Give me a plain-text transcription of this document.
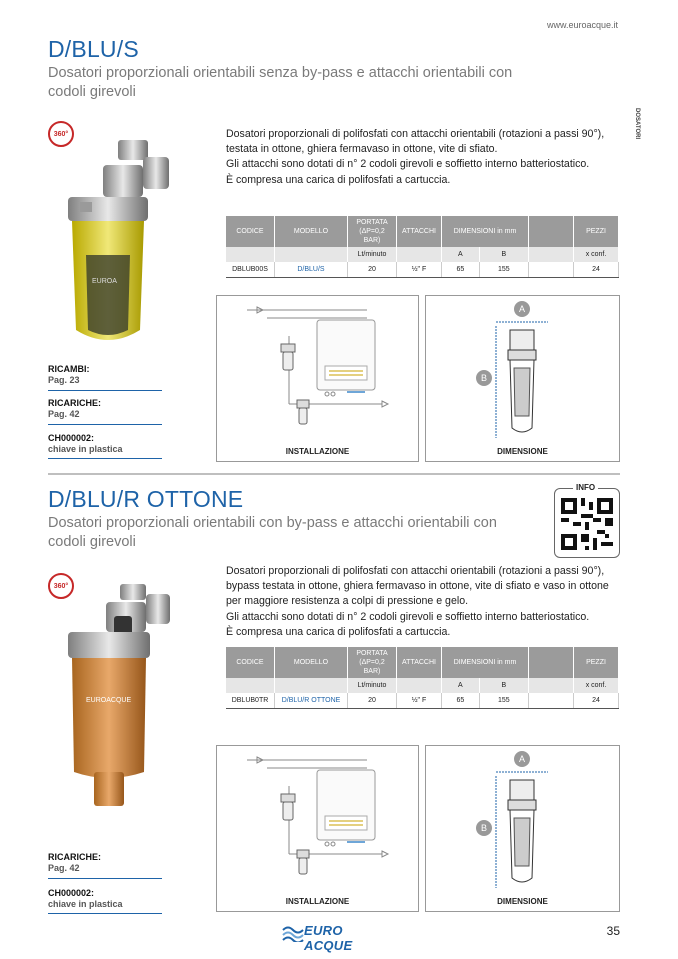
www.euroacque.it
DOSATORI
D/BLU/S
Dosatori proporzionali orientabili senza by-pass e attacchi orientabili con codoli girevoli
360°
EUROA
Dosatori proporzionali di polifosfati con attacchi orientabili (rotazioni a passi 90°),
testata in ottone, ghiera fermavaso in ottone, vite di sfiato.
Gli attacchi sono dotati di n° 2 codoli girevoli e soffietto interno batteriostatico.
È compresa una carica di polifosfati a cartuccia.
CODICE	MODELLO	PORTATA (ΔP=0,2 BAR)	ATTACCHI	DIMENSIONI in mm			PEZZI
		Lt/minuto		A	B		x conf.
DBLUB00S	D/BLU/S	20	½" F	65	155		24
INSTALLAZIONE
A
B
DIMENSIONE
RICAMBI:
Pag. 23
RICARICHE:
Pag. 42
CH000002:
chiave in plastica
D/BLU/R OTTONE
Dosatori proporzionali orientabili con by-pass e attacchi orientabili con codoli girevoli
INFO
360°
EUROACQUE
Dosatori proporzionali di polifosfati con attacchi orientabili (rotazioni a passi 90°),
bypass testata in ottone, ghiera fermavaso in ottone, vite di sfiato e vaso in ottone
per maggiore resistenza a colpi di pressione e gelo.
Gli attacchi sono dotati di n° 2 codoli girevoli e soffietto interno batteriostatico.
È compresa una carica di polifosfati a cartuccia.
CODICE	MODELLO	PORTATA (ΔP=0,2 BAR)	ATTACCHI	DIMENSIONI in mm			PEZZI
		Lt/minuto		A	B		x conf.
DBLUB0TR	D/BLU/R OTTONE	20	½" F	65	155		24
INSTALLAZIONE
A
B
DIMENSIONE
RICARICHE:
Pag. 42
CH000002:
chiave in plastica
EURO ACQUE
35
